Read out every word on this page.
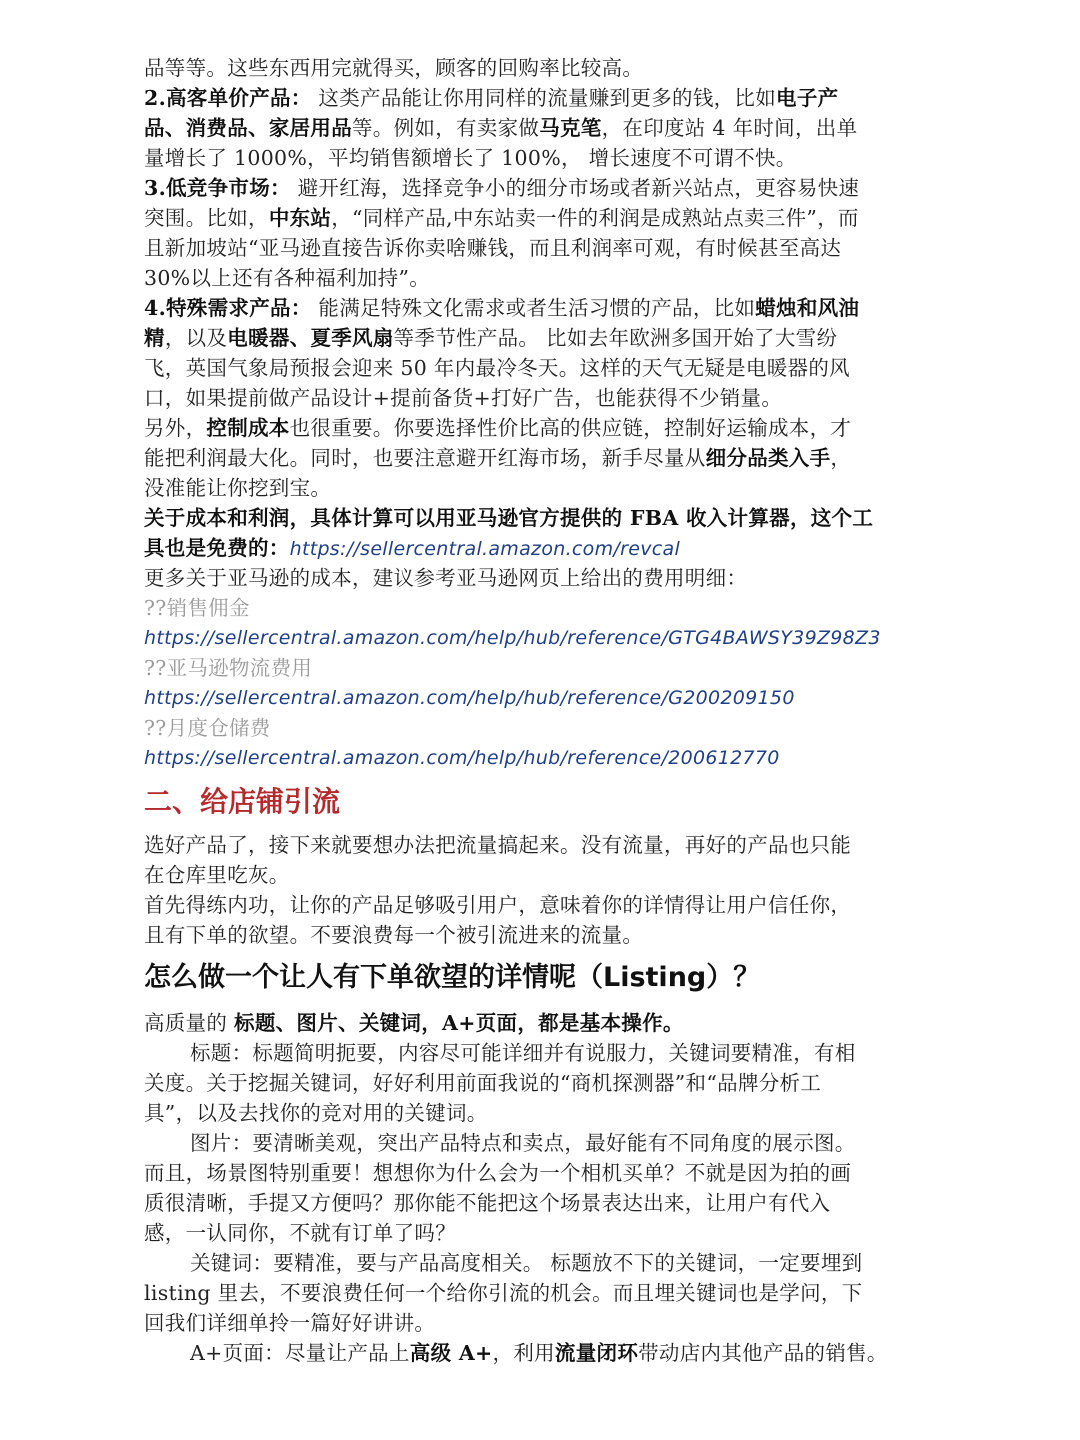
品等等。这些东西用完就得买，顾客的回购率比较高。
2.高客单价产品： 这类产品能让你用同样的流量赚到更多的钱，比如电子产
品、消费品、家居用品等。例如，有卖家做马克笔，在印度站 4 年时间，出单
量增长了 1000%，平均销售额增长了 100%， 增长速度不可谓不快。
3.低竞争市场： 避开红海，选择竞争小的细分市场或者新兴站点，更容易快速
突围。比如，中东站，“同样产品,中东站卖一件的利润是成熟站点卖三件”，而
且新加坡站“亚马逊直接告诉你卖啥赚钱，而且利润率可观，有时候甚至高达
30%以上还有各种福利加持”。
4.特殊需求产品： 能满足特殊文化需求或者生活习惯的产品，比如蜡烛和风油
精，以及电暖器、夏季风扇等季节性产品。 比如去年欧洲多国开始了大雪纷
飞，英国气象局预报会迎来 50 年内最冷冬天。这样的天气无疑是电暖器的风
口，如果提前做产品设计+提前备货+打好广告，也能获得不少销量。
另外，控制成本也很重要。你要选择性价比高的供应链，控制好运输成本，才
能把利润最大化。同时，也要注意避开红海市场，新手尽量从细分品类入手，
没准能让你挖到宝。
关于成本和利润，具体计算可以用亚马逊官方提供的 FBA 收入计算器，这个工
具也是免费的：https://sellercentral.amazon.com/revcal
更多关于亚马逊的成本，建议参考亚马逊网页上给出的费用明细：
??销售佣金
https://sellercentral.amazon.com/help/hub/reference/GTG4BAWSY39Z98Z3
??亚马逊物流费用
https://sellercentral.amazon.com/help/hub/reference/G200209150
??月度仓储费
https://sellercentral.amazon.com/help/hub/reference/200612770
二、给店铺引流
选好产品了，接下来就要想办法把流量搞起来。没有流量，再好的产品也只能
在仓库里吃灰。
首先得练内功，让你的产品足够吸引用户，意味着你的详情得让用户信任你，
且有下单的欲望。不要浪费每一个被引流进来的流量。
怎么做一个让人有下单欲望的详情呢（Listing）？
高质量的 标题、图片、关键词，A+页面，都是基本操作。
标题：标题简明扼要，内容尽可能详细并有说服力，关键词要精准，有相
关度。关于挖掘关键词，好好利用前面我说的“商机探测器”和“品牌分析工
具”，以及去找你的竞对用的关键词。
图片：要清晰美观，突出产品特点和卖点，最好能有不同角度的展示图。
而且，场景图特别重要！想想你为什么会为一个相机买单？不就是因为拍的画
质很清晰，手提又方便吗？那你能不能把这个场景表达出来，让用户有代入
感，一认同你，不就有订单了吗？
关键词：要精准，要与产品高度相关。 标题放不下的关键词，一定要埋到
listing 里去，不要浪费任何一个给你引流的机会。而且埋关键词也是学问，下
回我们详细单拎一篇好好讲讲。
A+页面：尽量让产品上高级 A+，利用流量闭环带动店内其他产品的销售。
